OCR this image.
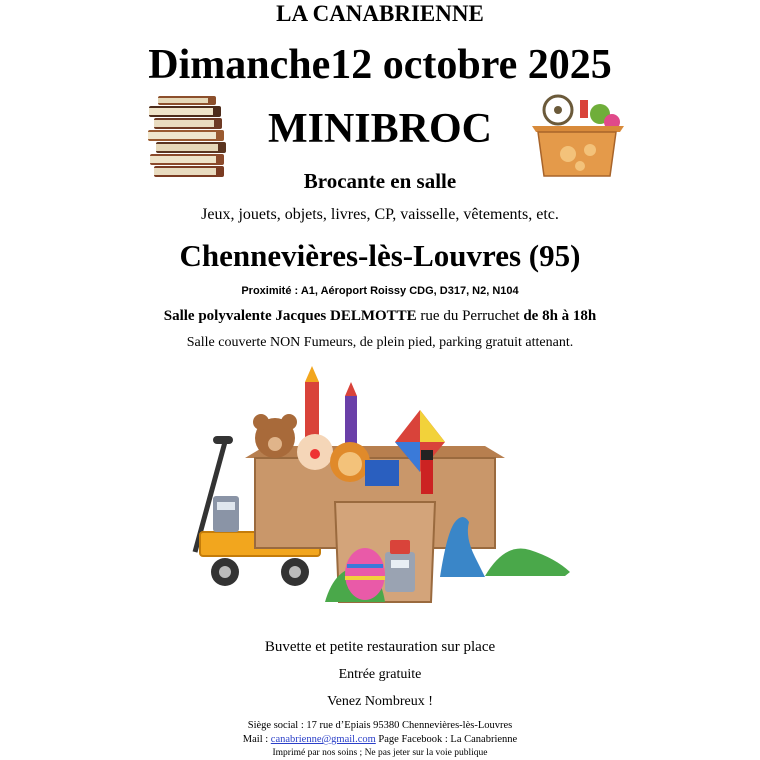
LA CANABRIENNE
Dimanche12 octobre 2025
MINIBROC
Brocante en salle
Jeux, jouets, objets, livres, CP, vaisselle, vêtements, etc.
Chennevières-lès-Louvres (95)
Proximité : A1, Aéroport Roissy CDG, D317, N2, N104
Salle polyvalente Jacques DELMOTTE rue du Perruchet de 8h à 18h
Salle couverte NON Fumeurs, de plein pied, parking gratuit attenant.
Buvette et petite restauration sur place
Entrée gratuite
Venez Nombreux !
Siège social : 17 rue d’Epiais 95380 Chennevières-lès-Louvres
Mail : canabrienne@gmail.com Page Facebook : La Canabrienne
Imprimé par nos soins ; Ne pas jeter sur la voie publique
